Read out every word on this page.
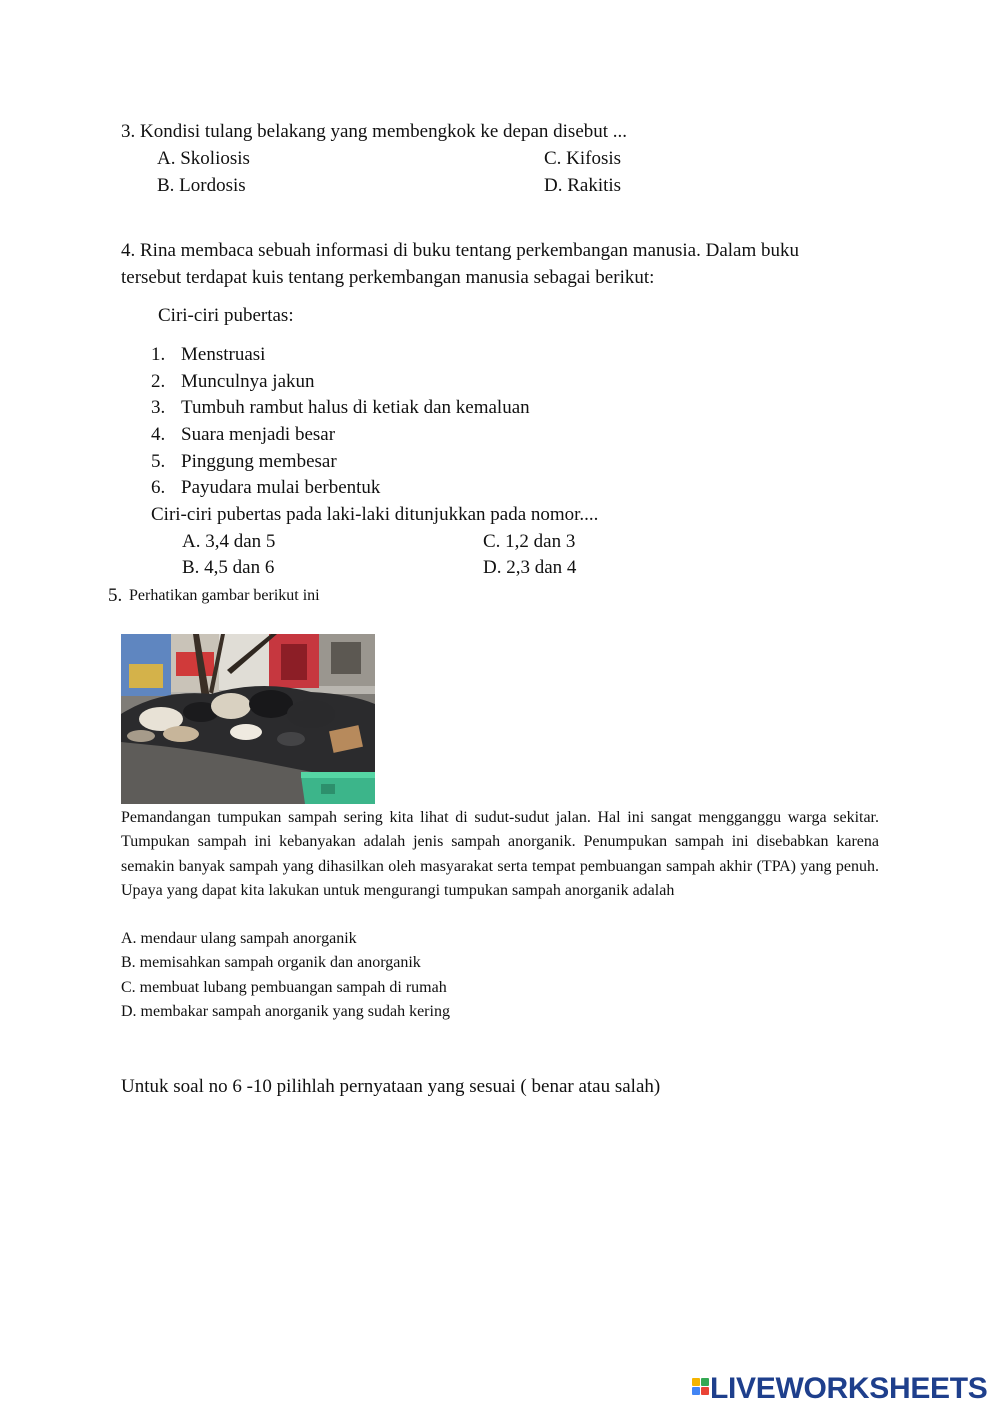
3. Kondisi tulang belakang yang membengkok ke depan disebut ...
A. Skoliosis	C. Kifosis
B. Lordosis	D. Rakitis
4. Rina membaca sebuah informasi di buku tentang perkembangan manusia. Dalam buku
tersebut terdapat kuis tentang perkembangan manusia sebagai berikut:
Ciri-ciri pubertas:
1. Menstruasi
2. Munculnya jakun
3. Tumbuh rambut halus di ketiak dan kemaluan
4. Suara menjadi besar
5. Pinggung membesar
6. Payudara mulai berbentuk
Ciri-ciri pubertas pada laki-laki ditunjukkan pada nomor....
A. 3,4 dan 5	C. 1,2 dan 3
B. 4,5 dan 6	D. 2,3 dan 4
5. Perhatikan gambar berikut ini
Pemandangan tumpukan sampah sering kita lihat di sudut-sudut jalan. Hal ini sangat mengganggu warga sekitar. Tumpukan sampah ini kebanyakan adalah jenis sampah anorganik. Penumpukan sampah ini disebabkan karena semakin banyak sampah yang dihasilkan oleh masyarakat serta tempat pembuangan sampah akhir (TPA) yang penuh. Upaya yang dapat kita lakukan untuk mengurangi tumpukan sampah anorganik adalah
A. mendaur ulang sampah anorganik
B. memisahkan sampah organik dan anorganik
C. membuat lubang pembuangan sampah di rumah
D. membakar sampah anorganik yang sudah kering
Untuk soal no 6 -10 pilihlah pernyataan yang sesuai ( benar atau salah)
LIVEWORKSHEETS
